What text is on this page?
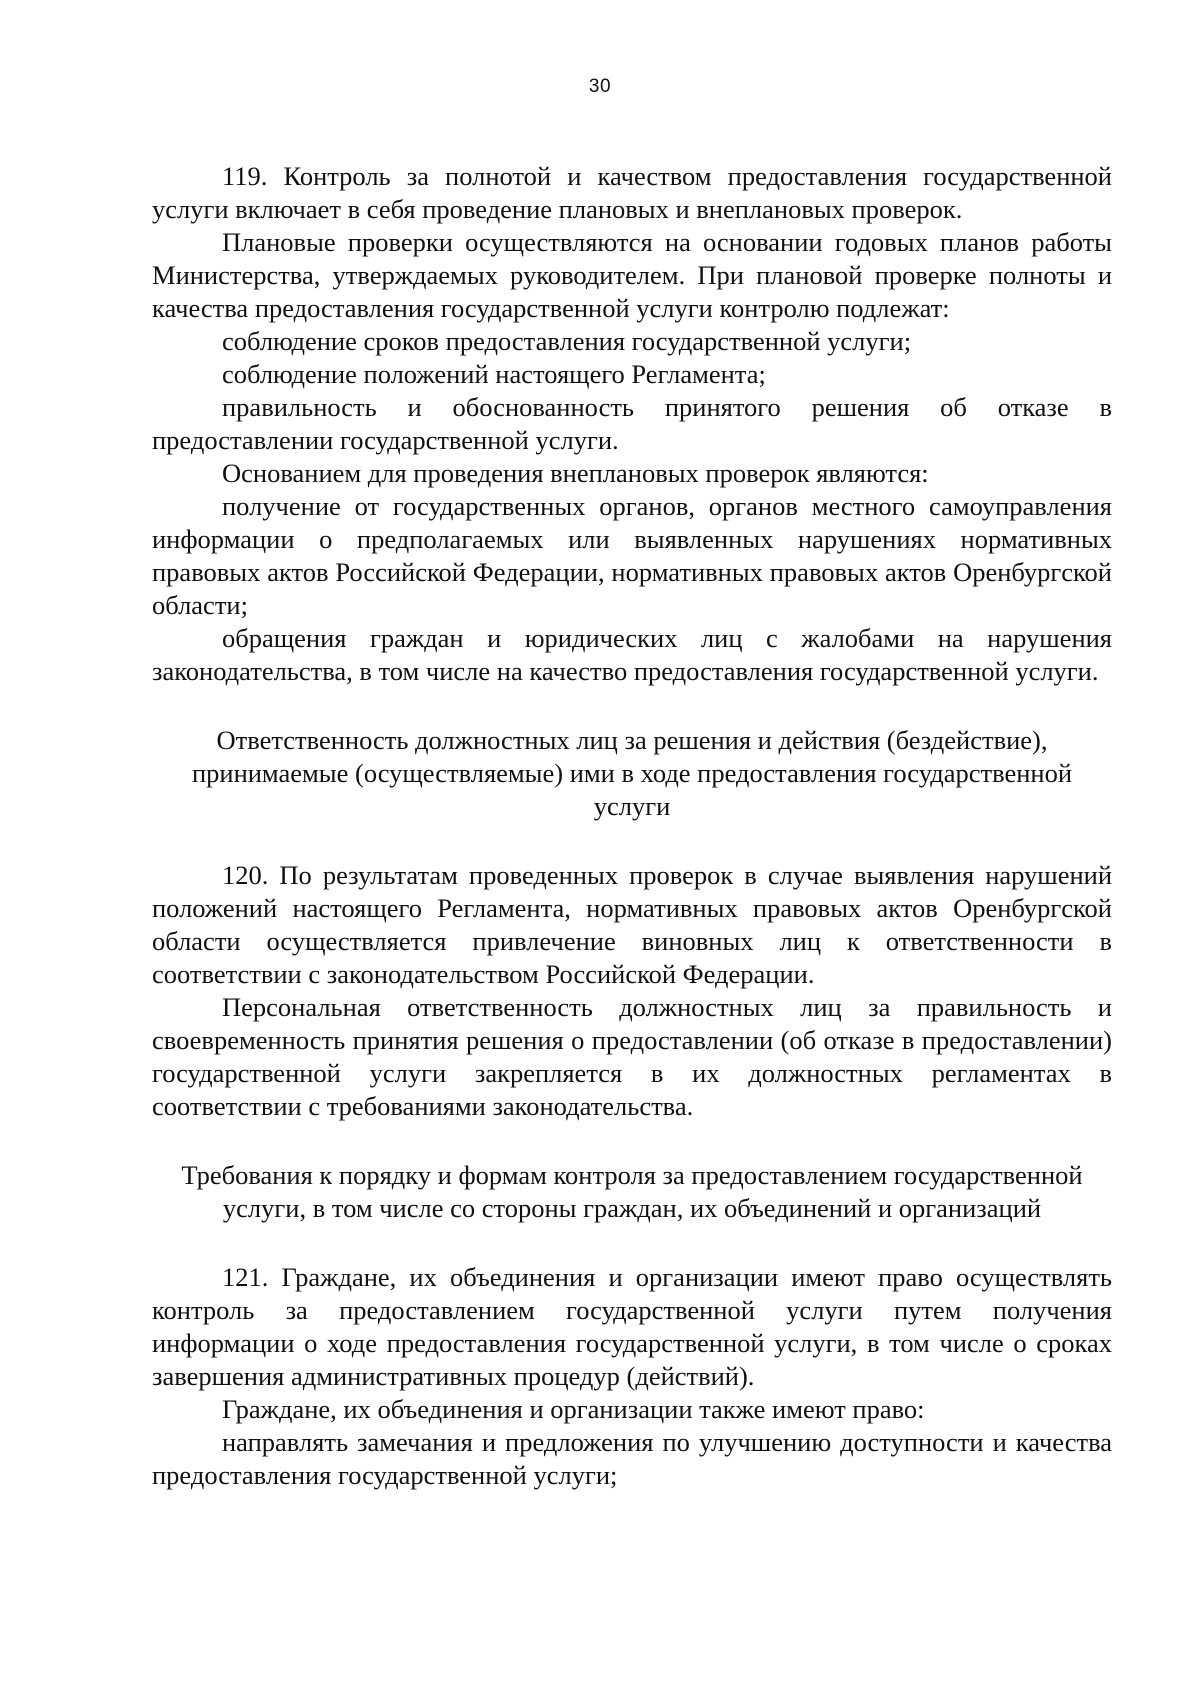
30

119. Контроль за полнотой и качеством предоставления государственной услуги включает в себя проведение плановых и внеплановых проверок.

Плановые проверки осуществляются на основании годовых планов работы Министерства, утверждаемых руководителем. При плановой проверке полноты и качества предоставления государственной услуги контролю подлежат:

соблюдение сроков предоставления государственной услуги;

соблюдение положений настоящего Регламента;

правильность и обоснованность принятого решения об отказе в предоставлении государственной услуги.

Основанием для проведения внеплановых проверок являются:

получение от государственных органов, органов местного самоуправления информации о предполагаемых или выявленных нарушениях нормативных правовых актов Российской Федерации, нормативных правовых актов Оренбургской области;

обращения граждан и юридических лиц с жалобами на нарушения законодательства, в том числе на качество предоставления государственной услуги.

Ответственность должностных лиц за решения и действия (бездействие), принимаемые (осуществляемые) ими в ходе предоставления государственной услуги

120. По результатам проведенных проверок в случае выявления нарушений положений настоящего Регламента, нормативных правовых актов Оренбургской области осуществляется привлечение виновных лиц к ответственности в соответствии с законодательством Российской Федерации.

Персональная ответственность должностных лиц за правильность и своевременность принятия решения о предоставлении (об отказе в предоставлении) государственной услуги закрепляется в их должностных регламентах в соответствии с требованиями законодательства.

Требования к порядку и формам контроля за предоставлением государственной услуги, в том числе со стороны граждан, их объединений и организаций

121. Граждане, их объединения и организации имеют право осуществлять контроль за предоставлением государственной услуги путем получения информации о ходе предоставления государственной услуги, в том числе о сроках завершения административных процедур (действий).

Граждане, их объединения и организации также имеют право:

направлять замечания и предложения по улучшению доступности и качества предоставления государственной услуги;
